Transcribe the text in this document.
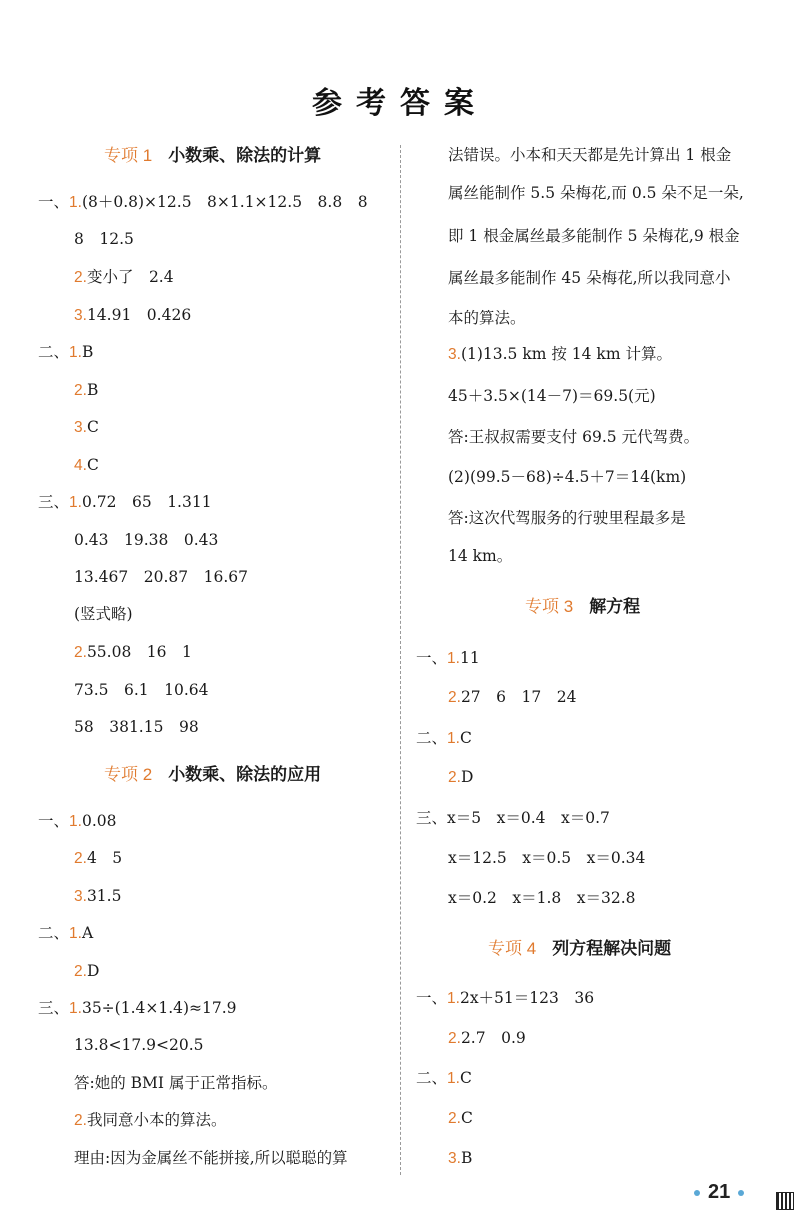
参考答案
专项 1 小数乘、除法的计算
专项 2 小数乘、除法的应用
专项 3 解方程
专项 4 列方程解决问题
一、1.(8＋0.8)×12.5　8×1.1×12.5　8.8　8
8　12.5
2.变小了　2.4
3.14.91　0.426
二、1.B
2.B
3.C
4.C
三、1.0.72　65　1.311
0.43　19.38　0.43
13.467　20.87　16.67
(竖式略)
2.55.08　16　1
73.5　6.1　10.64
58　381.15　98
一、1.0.08
2.4　5
3.31.5
二、1.A
2.D
三、1.35÷(1.4×1.4)≈17.9
13.8<17.9<20.5
答:她的 BMI 属于正常指标。
2.我同意小本的算法。
理由:因为金属丝不能拼接,所以聪聪的算
法错误。小本和天天都是先计算出 1 根金
属丝能制作 5.5 朵梅花,而 0.5 朵不足一朵,
即 1 根金属丝最多能制作 5 朵梅花,9 根金
属丝最多能制作 45 朵梅花,所以我同意小
本的算法。
3.(1)13.5 km 按 14 km 计算。
45＋3.5×(14－7)＝69.5(元)
答:王叔叔需要支付 69.5 元代驾费。
(2)(99.5－68)÷4.5＋7＝14(km)
答:这次代驾服务的行驶里程最多是
14 km。
一、1.11
2.27　6　17　24
二、1.C
2.D
三、x＝5　x＝0.4　x＝0.7
x＝12.5　x＝0.5　x＝0.34
x＝0.2　x＝1.8　x＝32.8
一、1.2x＋51＝123　36
2.2.7　0.9
二、1.C
2.C
3.B
21
